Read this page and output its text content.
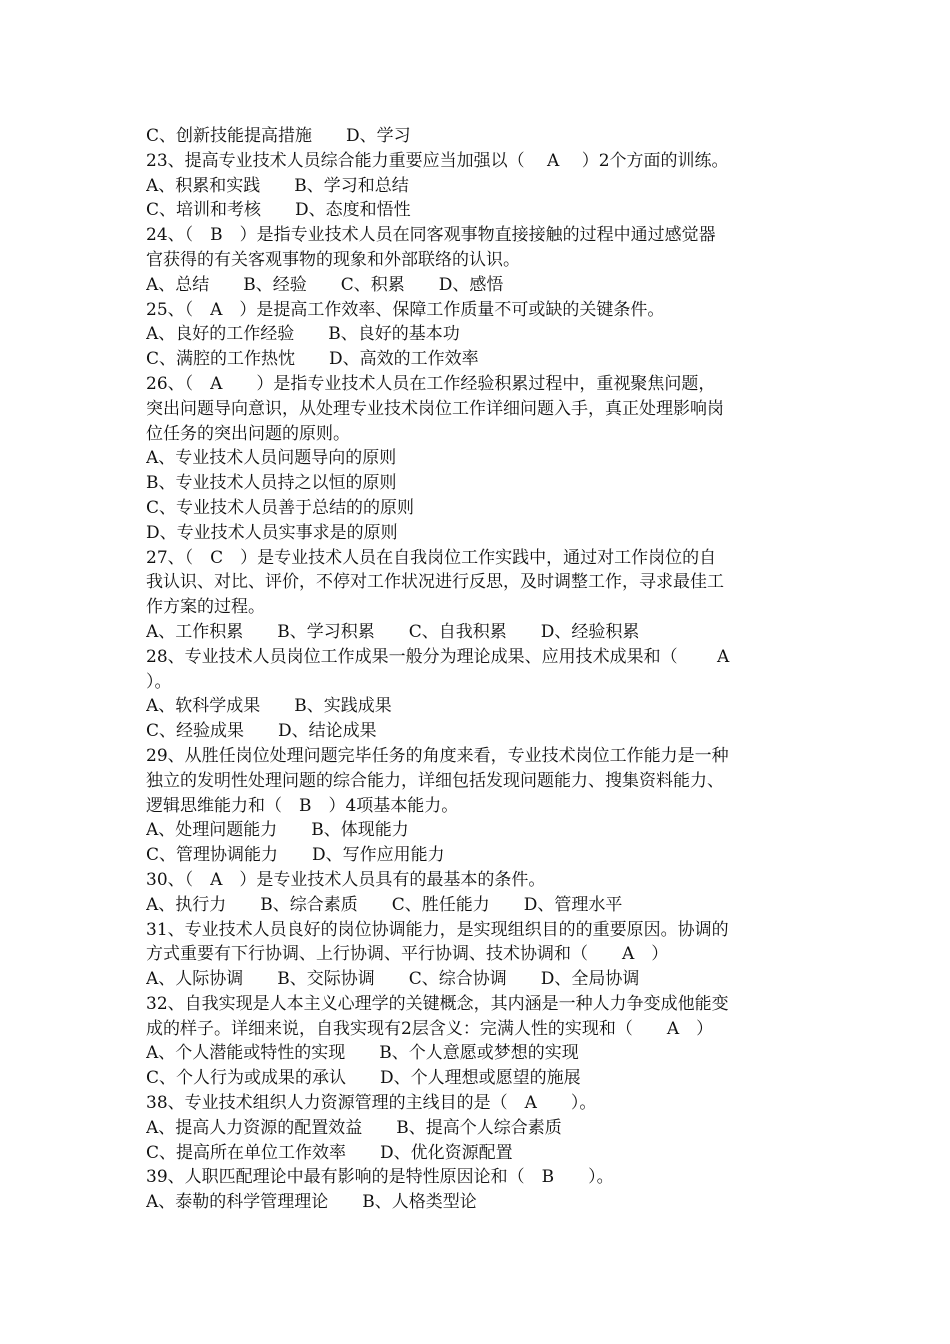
C、创新技能提高措施　　D、学习
23、提高专业技术人员综合能力重要应当加强以（　 A　 ）2个方面的训练。
A、积累和实践　　B、学习和总结
C、培训和考核　　D、态度和悟性
24、（　B　）是指专业技术人员在同客观事物直接接触的过程中通过感觉器
官获得的有关客观事物的现象和外部联络的认识。
A、总结　　B、经验　　C、积累　　D、感悟
25、（　A　）是提高工作效率、保障工作质量不可或缺的关键条件。
A、良好的工作经验　　B、良好的基本功
C、满腔的工作热忱　　D、高效的工作效率
26、（　A　　）是指专业技术人员在工作经验积累过程中，重视聚焦问题，
突出问题导向意识，从处理专业技术岗位工作详细问题入手，真正处理影响岗
位任务的突出问题的原则。
A、专业技术人员问题导向的原则
B、专业技术人员持之以恒的原则
C、专业技术人员善于总结的的原则
D、专业技术人员实事求是的原则
27、（　C　）是专业技术人员在自我岗位工作实践中，通过对工作岗位的自
我认识、对比、评价，不停对工作状况进行反思，及时调整工作，寻求最佳工
作方案的过程。
A、工作积累　　B、学习积累　　C、自我积累　　D、经验积累
28、专业技术人员岗位工作成果一般分为理论成果、应用技术成果和（　　 A
）。
A、软科学成果　　B、实践成果
C、经验成果　　D、结论成果
29、从胜任岗位处理问题完毕任务的角度来看，专业技术岗位工作能力是一种
独立的发明性处理问题的综合能力，详细包括发现问题能力、搜集资料能力、
逻辑思维能力和（　B　）4项基本能力。
A、处理问题能力　　B、体现能力
C、管理协调能力　　D、写作应用能力
30、（　A　）是专业技术人员具有的最基本的条件。
A、执行力　　B、综合素质　　C、胜任能力　　D、管理水平
31、专业技术人员良好的岗位协调能力，是实现组织目的的重要原因。协调的
方式重要有下行协调、上行协调、平行协调、技术协调和（　　A　）
A、人际协调　　B、交际协调　　C、综合协调　　D、全局协调
32、自我实现是人本主义心理学的关键概念，其内涵是一种人力争变成他能变
成的样子。详细来说，自我实现有2层含义：完满人性的实现和（　　A　）
A、个人潜能或特性的实现　　B、个人意愿或梦想的实现
C、个人行为或成果的承认　　D、个人理想或愿望的施展
38、专业技术组织人力资源管理的主线目的是（　A　　）。
A、提高人力资源的配置效益　　B、提高个人综合素质
C、提高所在单位工作效率　　D、优化资源配置
39、人职匹配理论中最有影响的是特性原因论和（　B　　）。
A、泰勒的科学管理理论　　B、人格类型论
